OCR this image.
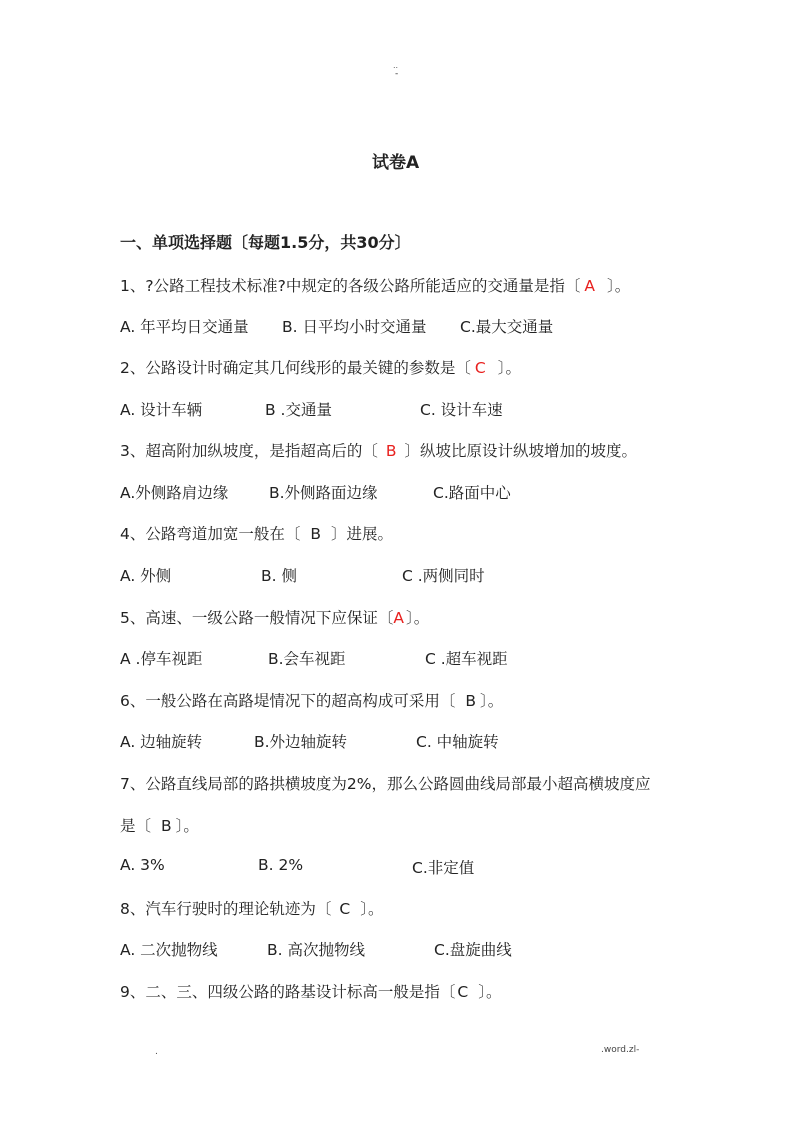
..
-
试卷A
一、单项选择题〔每题1.5分，共30分〕
1、?公路工程技术标准?中规定的各级公路所能适应的交通量是指〔 A 〕。
A. 年平均日交通量 B. 日平均小时交通量 C.最大交通量
2、公路设计时确定其几何线形的最关键的参数是〔 C 〕。
A. 设计车辆	B .交通量	C. 设计车速
3、超高附加纵坡度，是指超高后的〔 B 〕纵坡比原设计纵坡增加的坡度。
A.外侧路肩边缘	B.外侧路面边缘	C.路面中心
4、公路弯道加宽一般在〔 B 〕进展。
A. 外侧	B. 侧	C .两侧同时
5、高速、一级公路一般情况下应保证〔A 〕。
A .停车视距	B.会车视距	C .超车视距
6、一般公路在高路堤情况下的超高构成可采用〔 B 〕。
A. 边轴旋转	B.外边轴旋转	C. 中轴旋转
7、公路直线局部的路拱横坡度为2%，那么公路圆曲线局部最小超高横坡度应
是〔 B 〕。
A. 3%	B. 2%	C.非定值
8、汽车行驶时的理论轨迹为〔 C 〕。
A. 二次抛物线	B. 高次抛物线	C.盘旋曲线
9、二、三、四级公路的路基设计标高一般是指〔 C 〕。
.	.word.zl-
